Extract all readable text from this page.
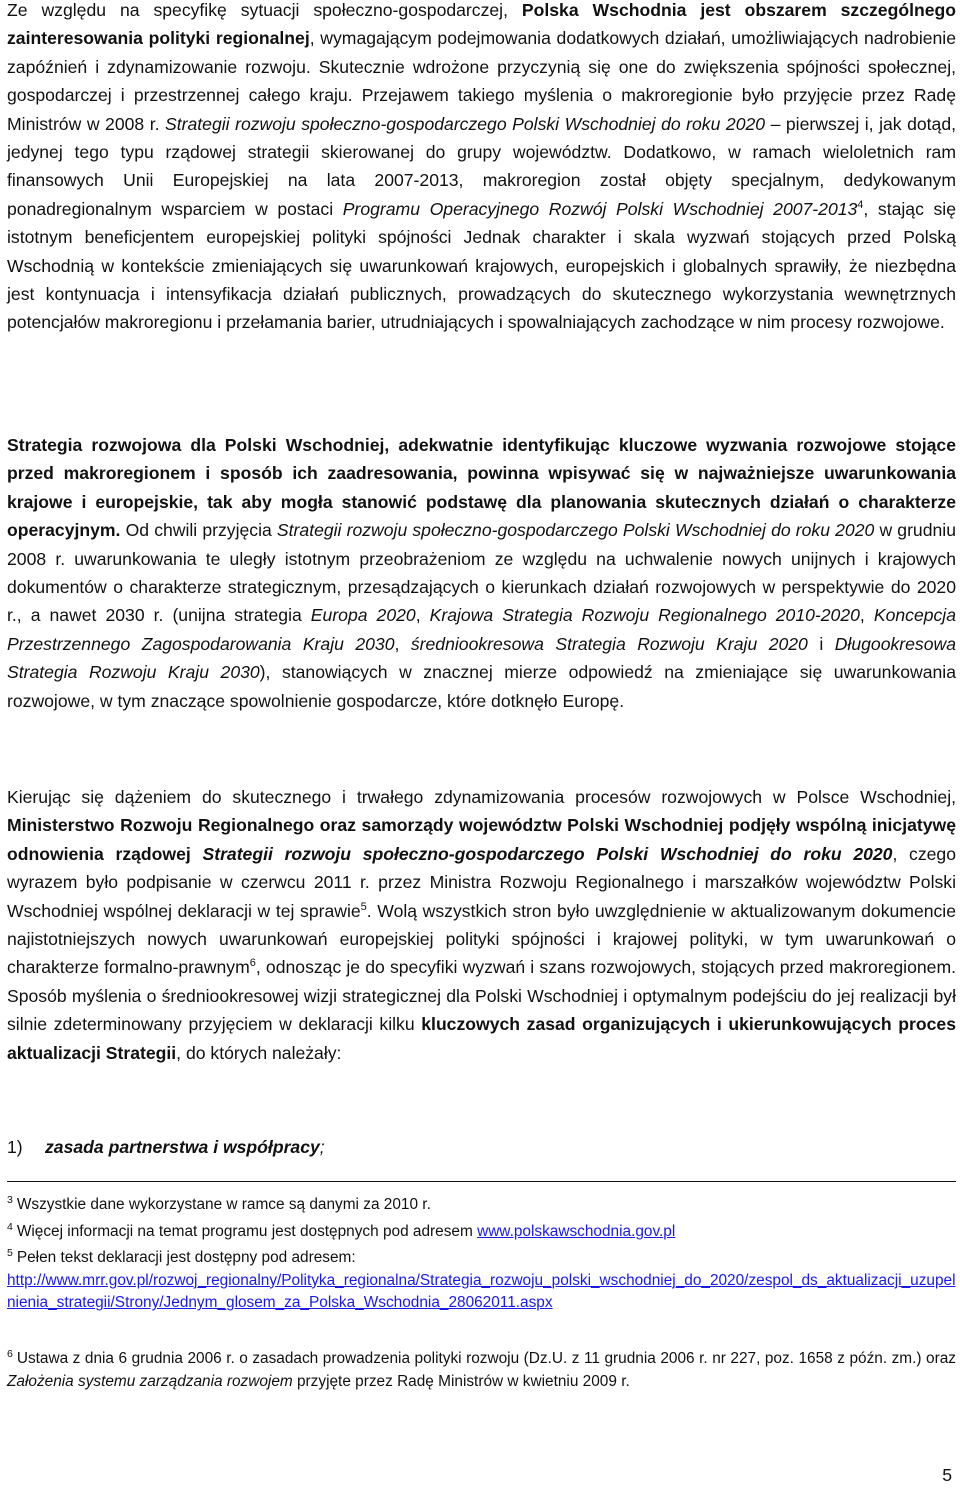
Ze względu na specyfikę sytuacji społeczno-gospodarczej, Polska Wschodnia jest obszarem szczególnego zainteresowania polityki regionalnej, wymagającym podejmowania dodatkowych działań, umożliwiających nadrobienie zapóźnień i zdynamizowanie rozwoju. Skutecznie wdrożone przyczynią się one do zwiększenia spójności społecznej, gospodarczej i przestrzennej całego kraju. Przejawem takiego myślenia o makroregionie było przyjęcie przez Radę Ministrów w 2008 r. Strategii rozwoju społeczno-gospodarczego Polski Wschodniej do roku 2020 – pierwszej i, jak dotąd, jedynej tego typu rządowej strategii skierowanej do grupy województw. Dodatkowo, w ramach wieloletnich ram finansowych Unii Europejskiej na lata 2007-2013, makroregion został objęty specjalnym, dedykowanym ponadregionalnym wsparciem w postaci Programu Operacyjnego Rozwój Polski Wschodniej 2007-2013$^4$, stając się istotnym beneficjentem europejskiej polityki spójności Jednak charakter i skala wyzwań stojących przed Polską Wschodnią w kontekście zmieniających się uwarunkowań krajowych, europejskich i globalnych sprawiły, że niezbędna jest kontynuacja i intensyfikacja działań publicznych, prowadzących do skutecznego wykorzystania wewnętrznych potencjałów makroregionu i przełamania barier, utrudniających i spowalniających zachodzące w nim procesy rozwojowe.

Strategia rozwojowa dla Polski Wschodniej, adekwatnie identyfikując kluczowe wyzwania rozwojowe stojące przed makroregionem i sposób ich zaadresowania, powinna wpisywać się w najważniejsze uwarunkowania krajowe i europejskie, tak aby mogła stanowić podstawę dla planowania skutecznych działań o charakterze operacyjnym. Od chwili przyjęcia Strategii rozwoju społeczno-gospodarczego Polski Wschodniej do roku 2020 w grudniu 2008 r. uwarunkowania te uległy istotnym przeobrażeniom ze względu na uchwalenie nowych unijnych i krajowych dokumentów o charakterze strategicznym, przesądzających o kierunkach działań rozwojowych w perspektywie do 2020 r., a nawet 2030 r. (unijna strategia Europa 2020, Krajowa Strategia Rozwoju Regionalnego 2010-2020, Koncepcja Przestrzennego Zagospodarowania Kraju 2030, średniookresowa Strategia Rozwoju Kraju 2020 i Długookresowa Strategia Rozwoju Kraju 2030), stanowiących w znacznej mierze odpowiedź na zmieniające się uwarunkowania rozwojowe, w tym znaczące spowolnienie gospodarcze, które dotknęło Europę.

Kierując się dążeniem do skutecznego i trwałego zdynamizowania procesów rozwojowych w Polsce Wschodniej, Ministerstwo Rozwoju Regionalnego oraz samorządy województw Polski Wschodniej podjęły wspólną inicjatywę odnowienia rządowej Strategii rozwoju społeczno-gospodarczego Polski Wschodniej do roku 2020, czego wyrazem było podpisanie w czerwcu 2011 r. przez Ministra Rozwoju Regionalnego i marszałków województw Polski Wschodniej wspólnej deklaracji w tej sprawie$^5$. Wolą wszystkich stron było uwzględnienie w aktualizowanym dokumencie najistotniejszych nowych uwarunkowań europejskiej polityki spójności i krajowej polityki, w tym uwarunkowań o charakterze formalno-prawnym$^6$, odnosząc je do specyfiki wyzwań i szans rozwojowych, stojących przed makroregionem. Sposób myślenia o średniookresowej wizji strategicznej dla Polski Wschodniej i optymalnym podejściu do jej realizacji był silnie zdeterminowany przyjęciem w deklaracji kilku kluczowych zasad organizujących i ukierunkowujących proces aktualizacji Strategii, do których należały:

1) zasada partnerstwa i współpracy;

$^3$ Wszystkie dane wykorzystane w ramce są danymi za 2010 r.

$^4$ Więcej informacji na temat programu jest dostępnych pod adresem www.polskawschodnia.gov.pl

$^5$ Pełen tekst deklaracji jest dostępny pod adresem:
http://www.mrr.gov.pl/rozwoj_regionalny/Polityka_regionalna/Strategia_rozwoju_polski_wschodniej_do_2020/zespol_ds_aktualizacji_uzupelnienia_strategii/Strony/Jednym_glosem_za_Polska_Wschodnia_28062011.aspx

$^6$ Ustawa z dnia 6 grudnia 2006 r. o zasadach prowadzenia polityki rozwoju (Dz.U. z 11 grudnia 2006 r. nr 227, poz. 1658 z późn. zm.) oraz Założenia systemu zarządzania rozwojem przyjęte przez Radę Ministrów w kwietniu 2009 r.

5
